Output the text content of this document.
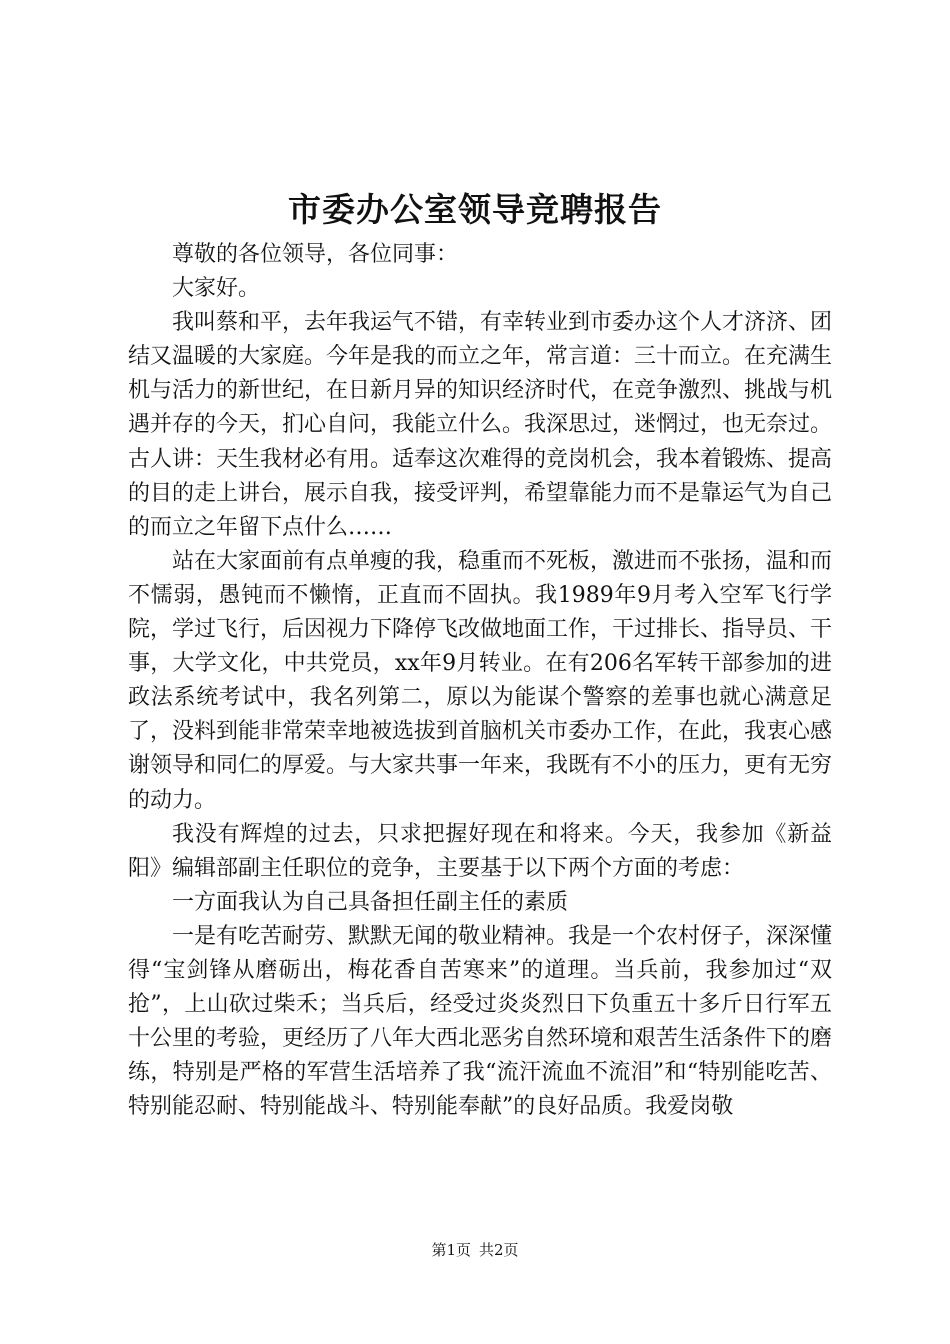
市委办公室领导竞聘报告

尊敬的各位领导，各位同事：

大家好。

我叫蔡和平，去年我运气不错，有幸转业到市委办这个人才济济、团结又温暖的大家庭。今年是我的而立之年，常言道：三十而立。在充满生机与活力的新世纪，在日新月异的知识经济时代，在竞争激烈、挑战与机遇并存的今天，扪心自问，我能立什么。我深思过，迷惘过，也无奈过。古人讲：天生我材必有用。适奉这次难得的竞岗机会，我本着锻炼、提高的目的走上讲台，展示自我，接受评判，希望靠能力而不是靠运气为自己的而立之年留下点什么……

站在大家面前有点单瘦的我，稳重而不死板，激进而不张扬，温和而不懦弱，愚钝而不懒惰，正直而不固执。我1989年9月考入空军飞行学院，学过飞行，后因视力下降停飞改做地面工作，干过排长、指导员、干事，大学文化，中共党员，xx年9月转业。在有206名军转干部参加的进政法系统考试中，我名列第二，原以为能谋个警察的差事也就心满意足了，没料到能非常荣幸地被选拔到首脑机关市委办工作，在此，我衷心感谢领导和同仁的厚爱。与大家共事一年来，我既有不小的压力，更有无穷的动力。

我没有辉煌的过去，只求把握好现在和将来。今天，我参加《新益阳》编辑部副主任职位的竞争，主要基于以下两个方面的考虑：

一方面我认为自己具备担任副主任的素质

一是有吃苦耐劳、默默无闻的敬业精神。我是一个农村伢子，深深懂得“宝剑锋从磨砺出，梅花香自苦寒来”的道理。当兵前，我参加过“双抢”，上山砍过柴禾；当兵后，经受过炎炎烈日下负重五十多斤日行军五十公里的考验，更经历了八年大西北恶劣自然环境和艰苦生活条件下的磨练，特别是严格的军营生活培养了我“流汗流血不流泪”和“特别能吃苦、特别能忍耐、特别能战斗、特别能奉献”的良好品质。我爱岗敬

第1页 共2页
